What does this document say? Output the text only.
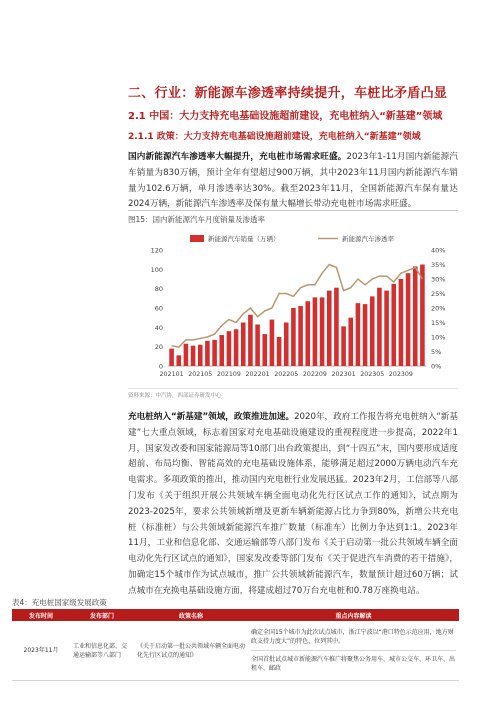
二、行业：新能源车渗透率持续提升，车桩比矛盾凸显
2.1 中国：大力支持充电基础设施超前建设，充电桩纳入“新基建”领域
2.1.1 政策：大力支持充电基础设施超前建设，充电桩纳入“新基建”领域
国内新能源汽车渗透率大幅提升，充电桩市场需求旺盛。2023年1-11月国内新能源汽车销量为830万辆，预计全年有望超过900万辆，其中2023年11月国内新能源汽车销量为102.6万辆，单月渗透率达30%。截至2023年11月，全国新能源汽车保有量达2024万辆，新能源汽车渗透率及保有量大幅增长带动充电桩市场需求旺盛。
图15：国内新能源汽车月度销量及渗透率
0
20
40
60
80
100
120
0%
5%
10%
15%
20%
25%
30%
35%
40%
202101 202105 202109 202201 202205 202209 202301 202305 202309
新能源汽车销量（万辆）	新能源汽车渗透率
资料来源：中汽协，西部证券研发中心
充电桩纳入“新基建”领域，政策推进加速。2020年，政府工作报告将充电桩纳入“新基建”七大重点领域，标志着国家对充电基础设施建设的重视程度进一步提高，2022年1月，国家发改委和国家能源局等10部门出台政策提出，到“十四五”末，国内要形成适度超前、布局均衡、智能高效的充电基础设施体系，能够满足超过2000万辆电动汽车充电需求。多项政策的推出，推动国内充电桩行业发展迅猛。2023年2月，工信部等八部门发布《关于组织开展公共领域车辆全面电动化先行区试点工作的通知》，试点期为2023-2025年，要求公共领域新增及更新车辆新能源占比力争到80%，新增公共充电桩（标准桩）与公共领域新能源汽车推广数量（标准车）比例力争达到1:1。2023年11月，工业和信息化部、交通运输部等八部门发布《关于启动第一批公共领域车辆全面电动化先行区试点的通知》，国家发改委等部门发布《关于促进汽车消费的若干措施》，加确定15个城市作为试点城市，推广公共领域新能源汽车，数量预计超过60万辆；试点城市在充换电基础设施方面，将建成超过70万台充电桩和0.78万座换电站。
表4：充电桩国家级发展政策
发布时间	发布部门	政策名称	重点内容解读
2023年11月	工业和信息化部、交通运输部等八部门	《关于启动第一批公共领域车辆全面电动化先行区试点的通知》	确定全国15个城市为此次试点城市，浙江宁波以“港口特色示范应用，地方财政支持力度大”的特色，位列其中。
全国首批试点城市新能源汽车推广将聚焦公务用车、城市公交车、环卫车、出租车、邮政
